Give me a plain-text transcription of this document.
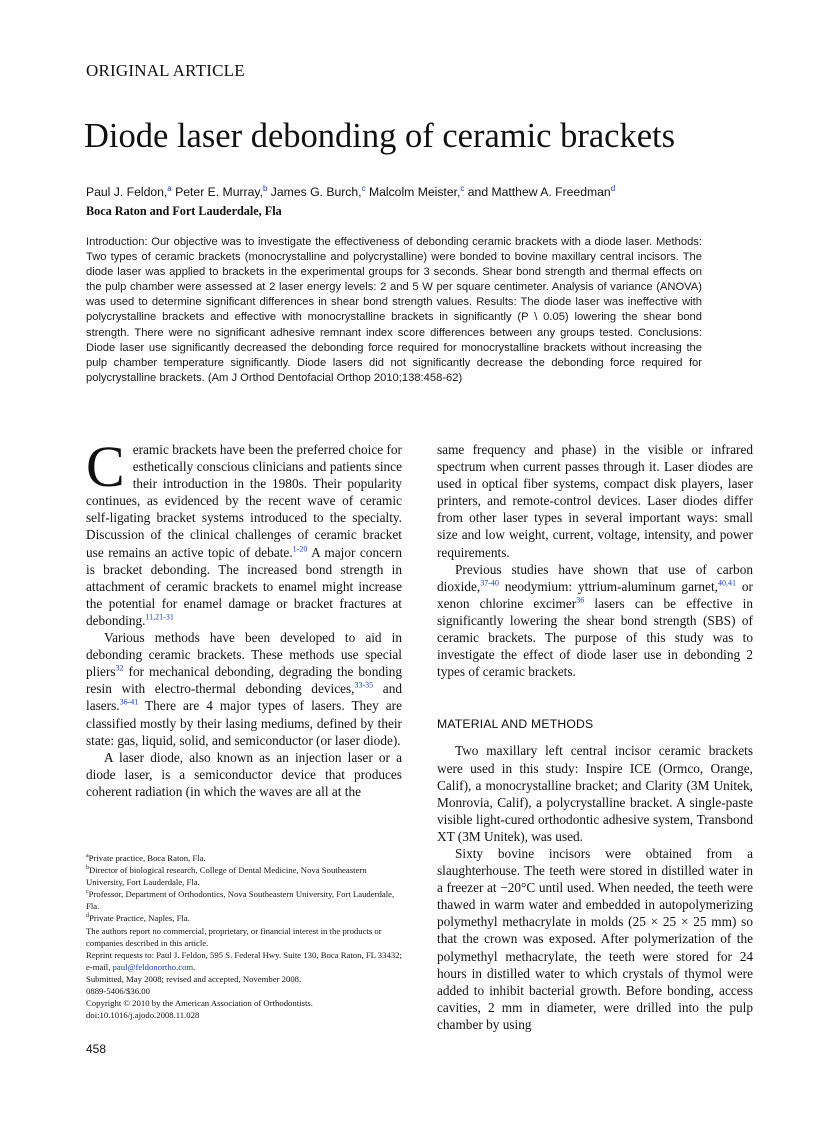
ORIGINAL ARTICLE
Diode laser debonding of ceramic brackets
Paul J. Feldon,$^a$ Peter E. Murray,$^b$ James G. Burch,$^c$ Malcolm Meister,$^c$ and Matthew A. Freedman$^d$
Boca Raton and Fort Lauderdale, Fla
Introduction: Our objective was to investigate the effectiveness of debonding ceramic brackets with a diode laser. Methods: Two types of ceramic brackets (monocrystalline and polycrystalline) were bonded to bovine maxillary central incisors. The diode laser was applied to brackets in the experimental groups for 3 seconds. Shear bond strength and thermal effects on the pulp chamber were assessed at 2 laser energy levels: 2 and 5 W per square centimeter. Analysis of variance (ANOVA) was used to determine significant differences in shear bond strength values. Results: The diode laser was ineffective with polycrystalline brackets and effective with monocrystalline brackets in significantly (P \ 0.05) lowering the shear bond strength. There were no significant adhesive remnant index score differences between any groups tested. Conclusions: Diode laser use significantly decreased the debonding force required for monocrystalline brackets without increasing the pulp chamber temperature significantly. Diode lasers did not significantly decrease the debonding force required for polycrystalline brackets. (Am J Orthod Dentofacial Orthop 2010;138:458-62)

Ceramic brackets have been the preferred choice for esthetically conscious clinicians and patients since their introduction in the 1980s. Their popularity continues, as evidenced by the recent wave of ceramic self-ligating bracket systems introduced to the specialty. Discussion of the clinical challenges of ceramic bracket use remains an active topic of debate.$^{1-20}$ A major concern is bracket debonding. The increased bond strength in attachment of ceramic brackets to enamel might increase the potential for enamel damage or bracket fractures at debonding.$^{11,21-31}$

Various methods have been developed to aid in debonding ceramic brackets. These methods use special pliers$^{32}$ for mechanical debonding, degrading the bonding resin with electro-thermal debonding devices,$^{33-35}$ and lasers.$^{36-41}$ There are 4 major types of lasers. They are classified mostly by their lasing mediums, defined by their state: gas, liquid, solid, and semiconductor (or laser diode).

A laser diode, also known as an injection laser or a diode laser, is a semiconductor device that produces coherent radiation (in which the waves are all at the

same frequency and phase) in the visible or infrared spectrum when current passes through it. Laser diodes are used in optical fiber systems, compact disk players, laser printers, and remote-control devices. Laser diodes differ from other laser types in several important ways: small size and low weight, current, voltage, intensity, and power requirements.

Previous studies have shown that use of carbon dioxide,$^{37-40}$ neodymium: yttrium-aluminum garnet,$^{40,41}$ or xenon chlorine excimer$^{36}$ lasers can be effective in significantly lowering the shear bond strength (SBS) of ceramic brackets. The purpose of this study was to investigate the effect of diode laser use in debonding 2 types of ceramic brackets.

MATERIAL AND METHODS

Two maxillary left central incisor ceramic brackets were used in this study: Inspire ICE (Ormco, Orange, Calif), a monocrystalline bracket; and Clarity (3M Unitek, Monrovia, Calif), a polycrystalline bracket. A single-paste visible light-cured orthodontic adhesive system, Transbond XT (3M Unitek), was used.

Sixty bovine incisors were obtained from a slaughterhouse. The teeth were stored in distilled water in a freezer at −20°C until used. When needed, the teeth were thawed in warm water and embedded in autopolymerizing polymethyl methacrylate in molds (25 × 25 × 25 mm) so that the crown was exposed. After polymerization of the polymethyl methacrylate, the teeth were stored for 24 hours in distilled water to which crystals of thymol were added to inhibit bacterial growth. Before bonding, access cavities, 2 mm in diameter, were drilled into the pulp chamber by using

$^a$Private practice, Boca Raton, Fla.
$^b$Director of biological research, College of Dental Medicine, Nova Southeastern University, Fort Lauderdale, Fla.
$^c$Professor, Department of Orthodontics, Nova Southeastern University, Fort Lauderdale, Fla.
$^d$Private Practice, Naples, Fla.
The authors report no commercial, proprietary, or financial interest in the products or companies described in this article.
Reprint requests to: Paul J. Feldon, 595 S. Federal Hwy. Suite 130, Boca Raton, FL 33432; e-mail, paul@feldonortho.com.
Submitted, May 2008; revised and accepted, November 2008.
0889-5406/$36.00
Copyright © 2010 by the American Association of Orthodontists.
doi:10.1016/j.ajodo.2008.11.028
458
